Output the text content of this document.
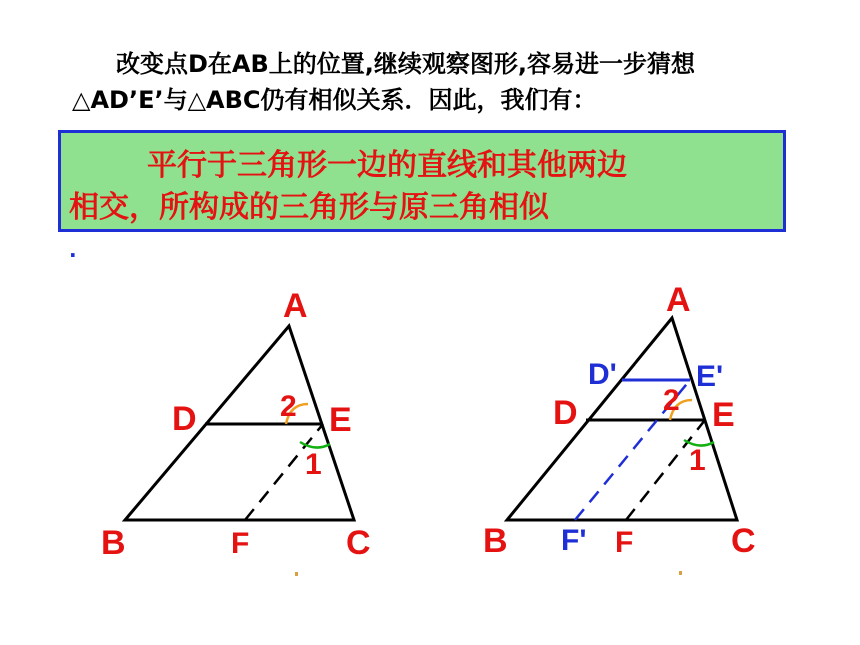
改变点D在AB上的位置,继续观察图形,容易进一步猜想
△AD’E’与△ABC仍有相似关系．因此，我们有：
平行于三角形一边的直线和其他两边
相交，所构成的三角形与原三角相似
.
A
D	E
B	F	C
2
1
A
D	E
D'	E'
B F' F	C
2
1
